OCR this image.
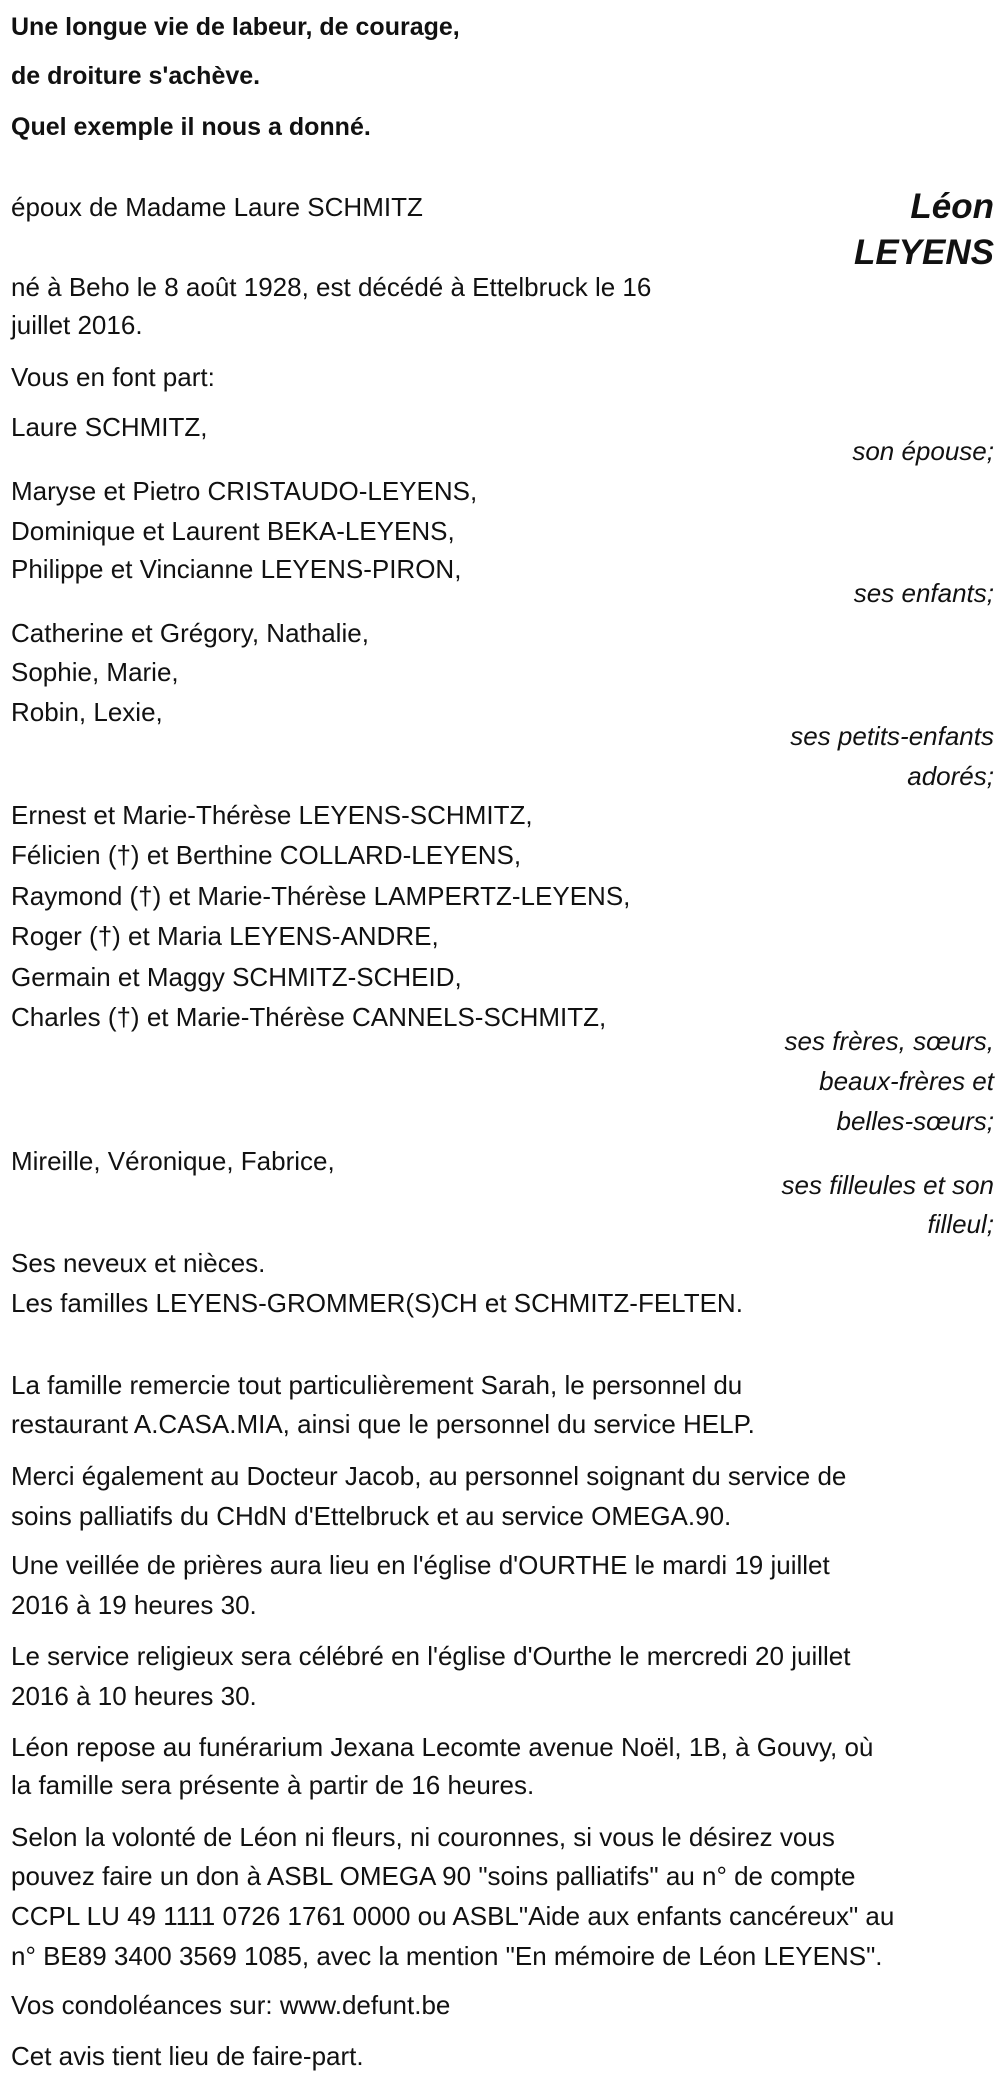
Une longue vie de labeur, de courage,
de droiture s'achève.
Quel exemple il nous a donné.
Léon
LEYENS
époux de Madame Laure SCHMITZ
né à Beho le 8 août 1928, est décédé à Ettelbruck le 16
juillet 2016.
Vous en font part:
Laure SCHMITZ,
son épouse;
Maryse et Pietro CRISTAUDO-LEYENS,
Dominique et Laurent BEKA-LEYENS,
Philippe et Vincianne LEYENS-PIRON,
ses enfants;
Catherine et Grégory, Nathalie,
Sophie, Marie,
Robin, Lexie,
ses petits-enfants
adorés;
Ernest et Marie-Thérèse LEYENS-SCHMITZ,
Félicien (†) et Berthine COLLARD-LEYENS,
Raymond (†) et Marie-Thérèse LAMPERTZ-LEYENS,
Roger (†) et Maria LEYENS-ANDRE,
Germain et Maggy SCHMITZ-SCHEID,
Charles (†) et Marie-Thérèse CANNELS-SCHMITZ,
ses frères, sœurs,
beaux-frères et
belles-sœurs;
Mireille, Véronique, Fabrice,
ses filleules et son
filleul;
Ses neveux et nièces.
Les familles LEYENS-GROMMER(S)CH et SCHMITZ-FELTEN.
La famille remercie tout particulièrement Sarah, le personnel du
restaurant A.CASA.MIA, ainsi que le personnel du service HELP.
Merci également au Docteur Jacob, au personnel soignant du service de
soins palliatifs du CHdN d'Ettelbruck et au service OMEGA.90.
Une veillée de prières aura lieu en l'église d'OURTHE le mardi 19 juillet
2016 à 19 heures 30.
Le service religieux sera célébré en l'église d'Ourthe le mercredi 20 juillet
2016 à 10 heures 30.
Léon repose au funérarium Jexana Lecomte avenue Noël, 1B, à Gouvy, où
la famille sera présente à partir de 16 heures.
Selon la volonté de Léon ni fleurs, ni couronnes, si vous le désirez vous
pouvez faire un don à ASBL OMEGA 90 "soins palliatifs" au n° de compte
CCPL LU 49 1111 0726 1761 0000 ou ASBL"Aide aux enfants cancéreux" au
n° BE89 3400 3569 1085, avec la mention "En mémoire de Léon LEYENS".
Vos condoléances sur: www.defunt.be
Cet avis tient lieu de faire-part.
